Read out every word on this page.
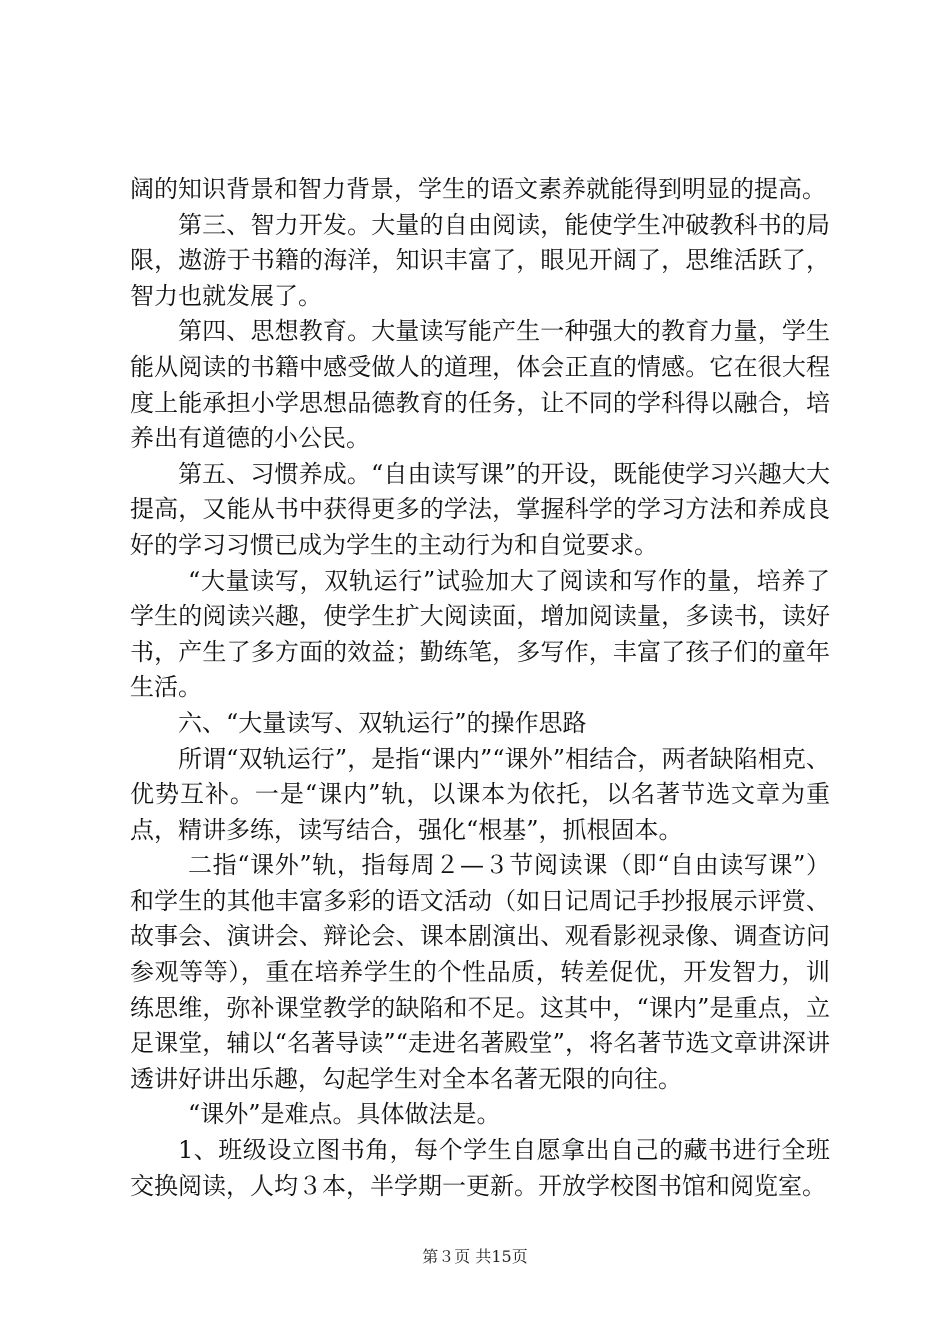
阔的知识背景和智力背景，学生的语文素养就能得到明显的提高。

第三、智力开发。大量的自由阅读，能使学生冲破教科书的局限，遨游于书籍的海洋，知识丰富了，眼见开阔了，思维活跃了，智力也就发展了。

第四、思想教育。大量读写能产生一种强大的教育力量，学生能从阅读的书籍中感受做人的道理，体会正直的情感。它在很大程度上能承担小学思想品德教育的任务，让不同的学科得以融合，培养出有道德的小公民。

第五、习惯养成。“自由读写课”的开设，既能使学习兴趣大大提高，又能从书中获得更多的学法，掌握科学的学习方法和养成良好的学习习惯已成为学生的主动行为和自觉要求。

“大量读写，双轨运行”试验加大了阅读和写作的量，培养了学生的阅读兴趣，使学生扩大阅读面，增加阅读量，多读书，读好书，产生了多方面的效益；勤练笔，多写作，丰富了孩子们的童年生活。

六、“大量读写、双轨运行”的操作思路

所谓“双轨运行”，是指“课内”“课外”相结合，两者缺陷相克、优势互补。一是“课内”轨，以课本为依托，以名著节选文章为重点，精讲多练，读写结合，强化“根基”，抓根固本。

二指“课外”轨，指每周２—３节阅读课（即“自由读写课”）和学生的其他丰富多彩的语文活动（如日记周记手抄报展示评赏、故事会、演讲会、辩论会、课本剧演出、观看影视录像、调查访问参观等等），重在培养学生的个性品质，转差促优，开发智力，训练思维，弥补课堂教学的缺陷和不足。这其中，“课内”是重点，立足课堂，辅以“名著导读”“走进名著殿堂”，将名著节选文章讲深讲透讲好讲出乐趣，勾起学生对全本名著无限的向往。

“课外”是难点。具体做法是。

1、班级设立图书角，每个学生自愿拿出自己的藏书进行全班交换阅读，人均３本，半学期一更新。开放学校图书馆和阅览室。

第３页 共15页
